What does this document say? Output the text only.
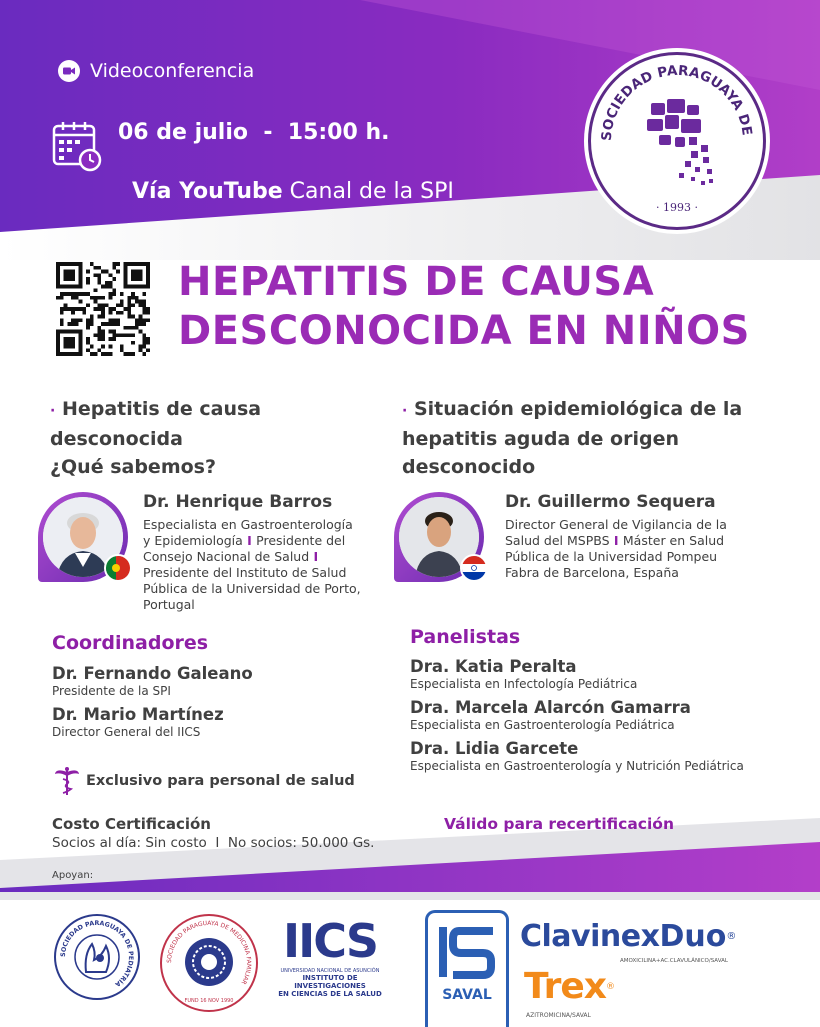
Videoconferencia
06 de julio  -  15:00 h.

Vía YouTube Canal de la SPI

SOCIEDAD PARAGUAYA DE
· 1993 ·
HEPATITIS DE CAUSA
DESCONOCIDA EN NIÑOS
· Hepatitis de causa
desconocida
¿Qué sabemos?
Dr. Henrique Barros
Especialista en Gastroenterología
y Epidemiología I Presidente del
Consejo Nacional de Salud I
Presidente del Instituto de Salud
Pública de la Universidad de Porto,
Portugal
· Situación epidemiológica de la
hepatitis aguda de origen
desconocido
Dr. Guillermo Sequera
Director General de Vigilancia de la
Salud del MSPBS I Máster en Salud
Pública de la Universidad Pompeu
Fabra de Barcelona, España
Coordinadores
Dr. Fernando Galeano
Presidente de la SPI
Dr. Mario Martínez
Director General del IICS
Exclusivo para personal de salud
Panelistas
Dra. Katia Peralta
Especialista en Infectología Pediátrica
Dra. Marcela Alarcón Gamarra
Especialista en Gastroenterología Pediátrica
Dra. Lidia Garcete
Especialista en Gastroenterología y Nutrición Pediátrica
Costo Certificación
Socios al día: Sin costo  I  No socios: 50.000 Gs.
Válido para recertificación
Apoyan:
SOCIEDAD PARAGUAYA DE PEDIATRÍA
SOCIEDAD PARAGUAYA DE MEDICINA FAMILIAR
FUND 16 NOV 1990
IICS
UNIVERSIDAD NACIONAL DE ASUNCIÓN
INSTITUTO DE INVESTIGACIONES
EN CIENCIAS DE LA SALUD	SAVAL
ClavinexDuo®
AMOXICILINA+AC.CLAVULÁNICO/SAVAL
Trex®
AZITROMICINA/SAVAL
